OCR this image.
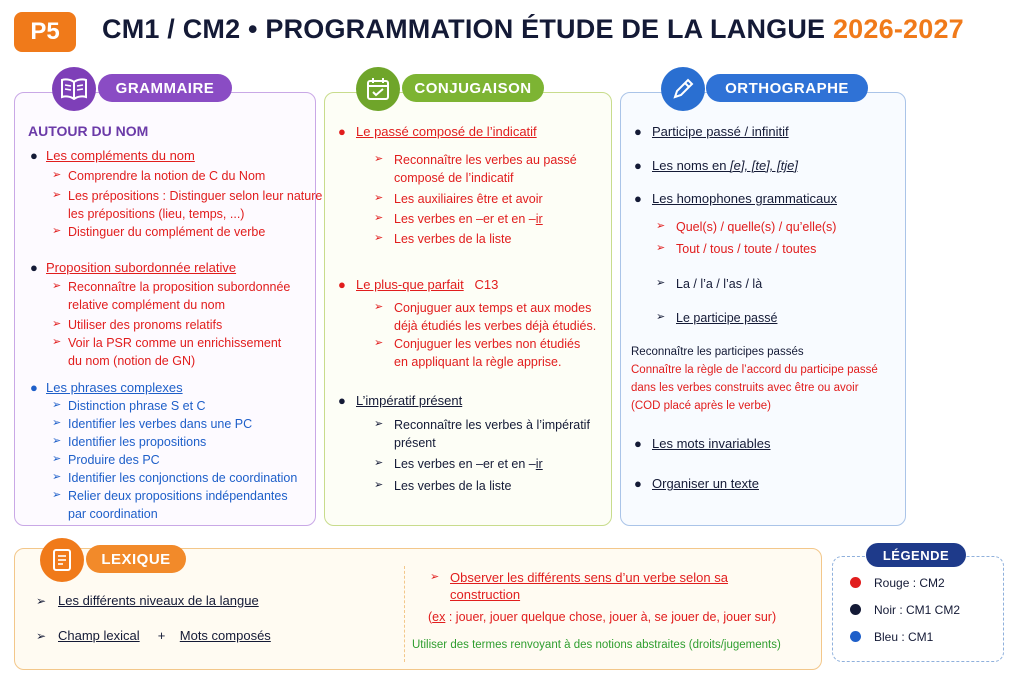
P5	CM1 / CM2 • PROGRAMMATION ÉTUDE DE LA LANGUE 2026-2027
GRAMMAIRE	CONJUGAISON	ORTHOGRAPHE
LEXIQUE	LÉGENDE
AUTOUR DU NOM
● Les compléments du nom
➢ Comprendre la notion de C du Nom
➢ Les prépositions : Distinguer selon leur nature
les prépositions (lieu, temps, ...)
➢ Distinguer du complément de verbe
● Proposition subordonnée relative
➢ Reconnaître la proposition subordonnée
relative complément du nom
➢ Utiliser des pronoms relatifs
➢ Voir la PSR comme un enrichissement
du nom (notion de GN)
● Les phrases complexes
➢ Distinction phrase S et C
➢ Identifier les verbes dans une PC
➢ Identifier les propositions
➢ Produire des PC
➢ Identifier les conjonctions de coordination
➢ Relier deux propositions indépendantes
par coordination
● Le passé composé de l’indicatif
➢ Reconnaître les verbes au passé
composé de l’indicatif
➢ Les auxiliaires être et avoir
➢ Les verbes en –er et en –ir
➢ Les verbes de la liste
● Le plus-que parfait C13
➢ Conjuguer aux temps et aux modes
déjà étudiés les verbes déjà étudiés.
➢ Conjuguer les verbes non étudiés
en appliquant la règle apprise.
● L’impératif présent
➢ Reconnaître les verbes à l’impératif
présent
➢ Les verbes en –er et en –ir
➢ Les verbes de la liste
● Participe passé / infinitif
● Les noms en [e], [te], [tje]
● Les homophones grammaticaux
➢ Quel(s) / quelle(s) / qu’elle(s)
➢ Tout / tous / toute / toutes
➢ La / l’a / l’as / là
➢ Le participe passé
Reconnaître les participes passés
Connaître la règle de l’accord du participe passé
dans les verbes construits avec être ou avoir
(COD placé après le verbe)
● Les mots invariables
● Organiser un texte
➢ Les différents niveaux de la langue
➢ Champ lexical + Mots composés
➢ Observer les différents sens d’un verbe selon sa
construction
(ex : jouer, jouer quelque chose, jouer à, se jouer de, jouer sur)
Utiliser des termes renvoyant à des notions abstraites (droits/jugements)
Rouge : CM2
Noir : CM1 CM2
Bleu : CM1
